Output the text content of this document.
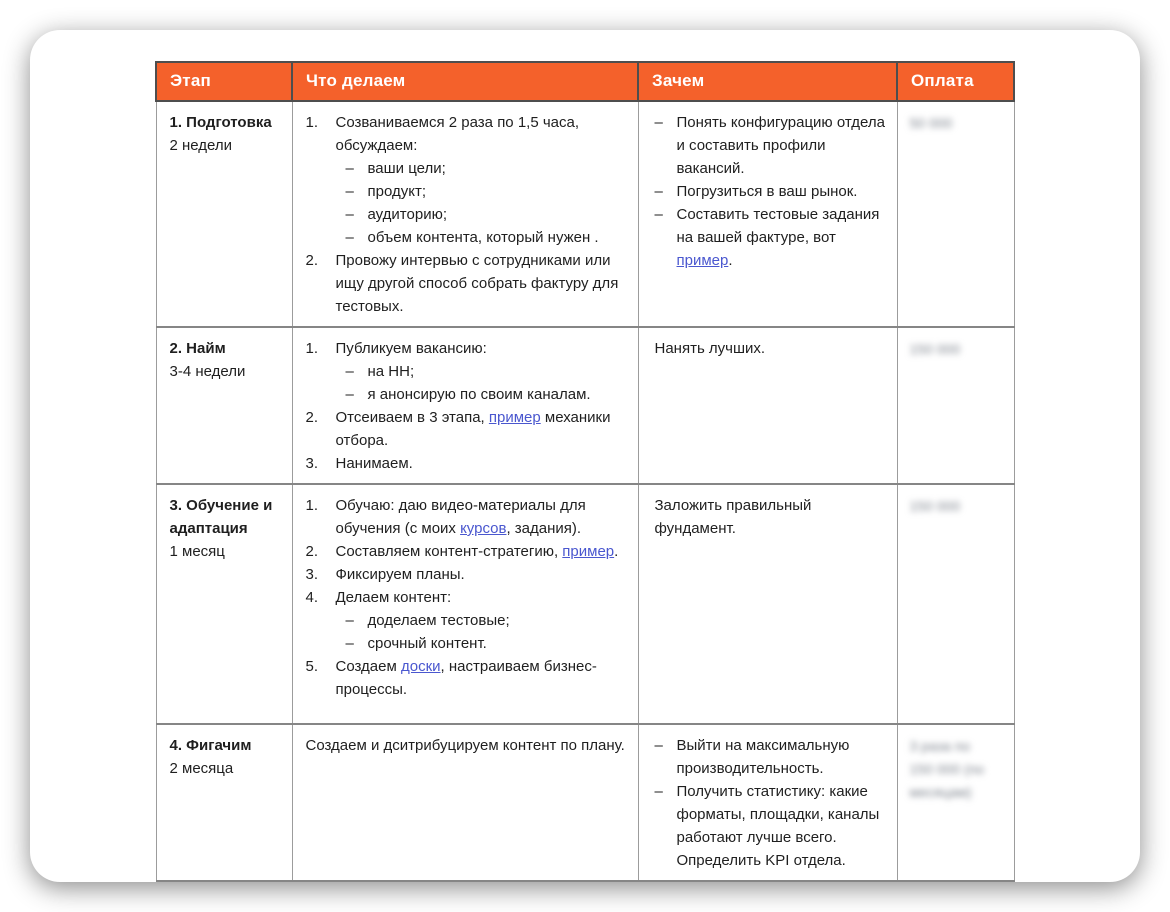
Этап	Что делаем	Зачем	Оплата

1. Подготовка
2 недели

1.	Созваниваемся 2 раза по 1,5 часа, обсуждаем:
– ваши цели;
– продукт;
– аудиторию;
– объем контента, который нужен .
2.	Провожу интервью с сотрудниками или ищу другой способ собрать фактуру для тестовых.

– Понять конфигурацию отдела и составить профили вакансий.
– Погрузиться в ваш рынок.
– Составить тестовые задания на вашей фактуре, вот пример.

50 000

2. Найм
3-4 недели

1.	Публикуем вакансию:
– на HH;
– я анонсирую по своим каналам.
2.	Отсеиваем в 3 этапа, пример механики отбора.
3.	Нанимаем.

Нанять лучших.	150 000

3. Обучение и адаптация
1 месяц

1.	Обучаю: даю видео-материалы для обучения (с моих курсов, задания).
2.	Составляем контент-стратегию, пример.
3.	Фиксируем планы.
4.	Делаем контент:
– доделаем тестовые;
– срочный контент.
5.	Создаем доски, настраиваем бизнес-процессы.

Заложить правильный фундамент.

150 000

4. Фигачим
2 месяца

Создаем и дситрибуцируем контент по плану.	– Выйти на максимальную производительность.
– Получить статистику: какие форматы, площадки, каналы работают лучше всего. Определить KPI отдела.

3 раза по
150 000 (по
месяцам)
